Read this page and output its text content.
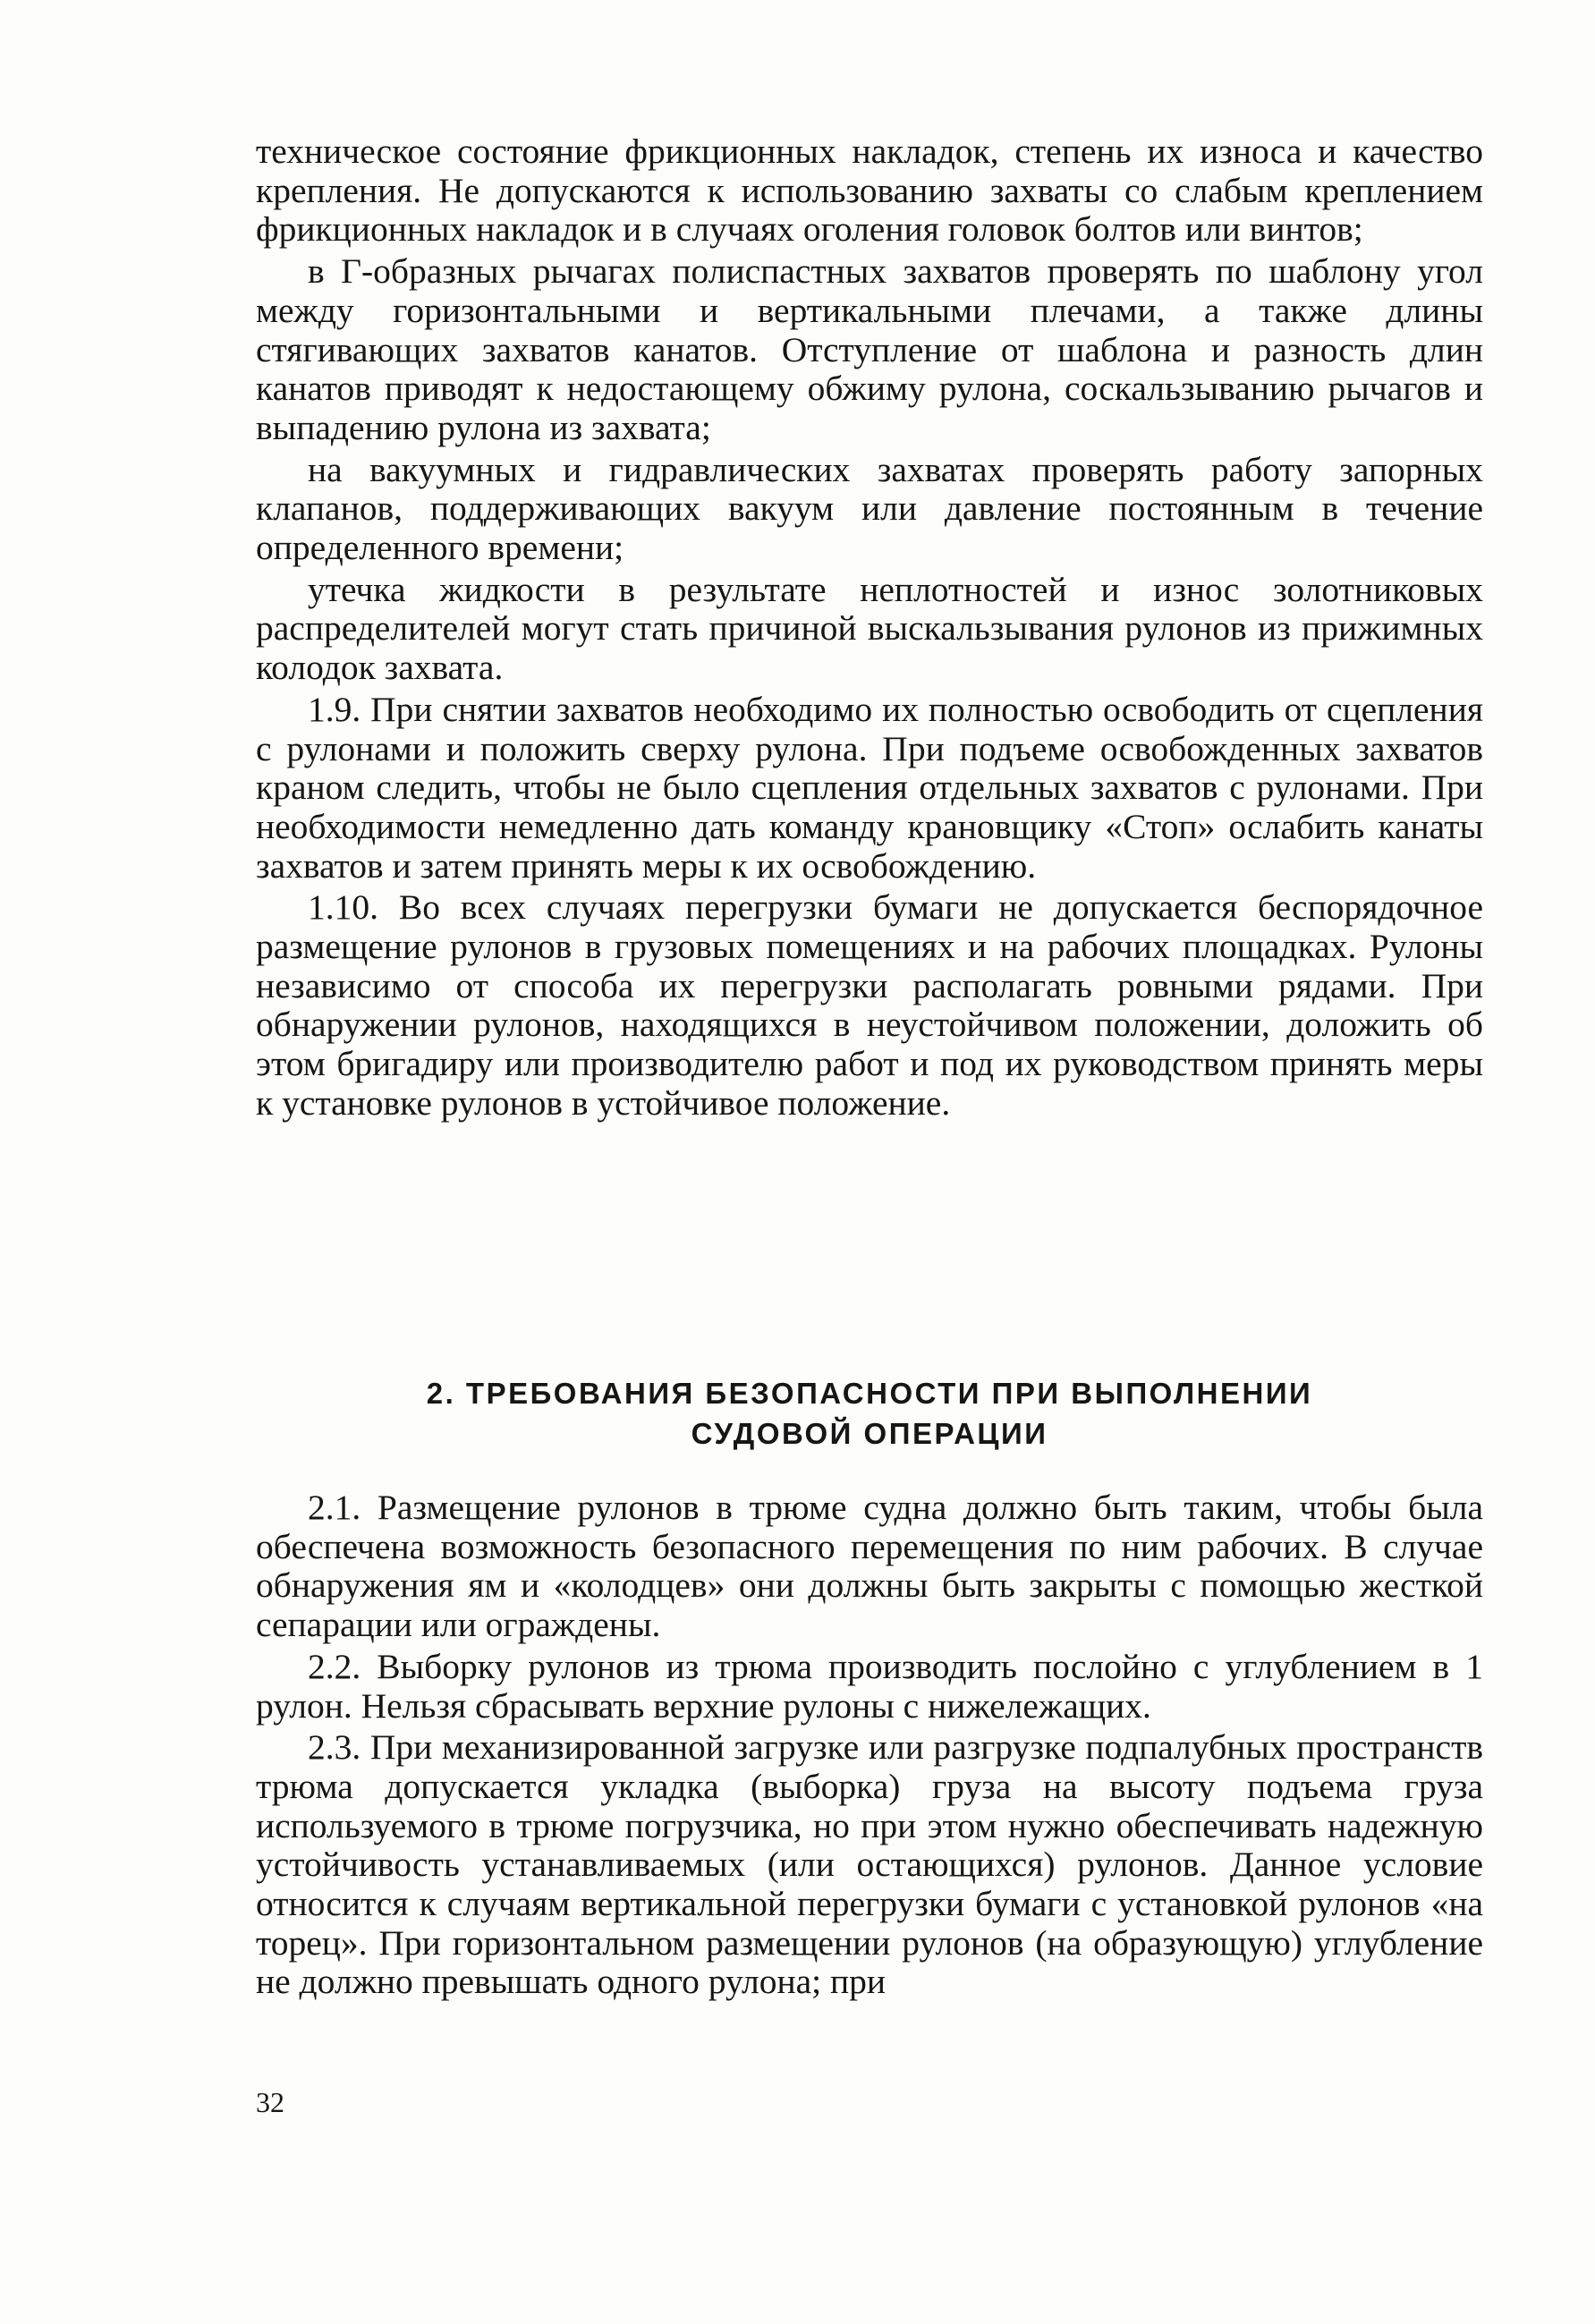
техническое состояние фрикционных накладок, степень их износа и качество крепления. Не допускаются к использованию захваты со слабым креплением фрикционных накладок и в случаях оголения головок болтов или винтов;

в Г-образных рычагах полиспастных захватов проверять по шаблону угол между горизонтальными и вертикальными плечами, а также длины стягивающих захватов канатов. Отступление от шаблона и разность длин канатов приводят к недостающему обжиму рулона, соскальзыванию рычагов и выпадению рулона из захвата;

на вакуумных и гидравлических захватах проверять работу запорных клапанов, поддерживающих вакуум или давление постоянным в течение определенного времени;

утечка жидкости в результате неплотностей и износ золотниковых распределителей могут стать причиной выскальзывания рулонов из прижимных колодок захвата.

1.9. При снятии захватов необходимо их полностью освободить от сцепления с рулонами и положить сверху рулона. При подъеме освобожденных захватов краном следить, чтобы не было сцепления отдельных захватов с рулонами. При необходимости немедленно дать команду крановщику «Стоп» ослабить канаты захватов и затем принять меры к их освобождению.

1.10. Во всех случаях перегрузки бумаги не допускается беспорядочное размещение рулонов в грузовых помещениях и на рабочих площадках. Рулоны независимо от способа их перегрузки располагать ровными рядами. При обнаружении рулонов, находящихся в неустойчивом положении, доложить об этом бригадиру или производителю работ и под их руководством принять меры к установке рулонов в устойчивое положение.

2. ТРЕБОВАНИЯ БЕЗОПАСНОСТИ ПРИ ВЫПОЛНЕНИИ
СУДОВОЙ ОПЕРАЦИИ

2.1. Размещение рулонов в трюме судна должно быть таким, чтобы была обеспечена возможность безопасного перемещения по ним рабочих. В случае обнаружения ям и «колодцев» они должны быть закрыты с помощью жесткой сепарации или ограждены.

2.2. Выборку рулонов из трюма производить послойно с углублением в 1 рулон. Нельзя сбрасывать верхние рулоны с нижележащих.

2.3. При механизированной загрузке или разгрузке подпалубных пространств трюма допускается укладка (выборка) груза на высоту подъема груза используемого в трюме погрузчика, но при этом нужно обеспечивать надежную устойчивость устанавливаемых (или остающихся) рулонов. Данное условие относится к случаям вертикальной перегрузки бумаги с установкой рулонов «на торец». При горизонтальном размещении рулонов (на образующую) углубление не должно превышать одного рулона; при

32
